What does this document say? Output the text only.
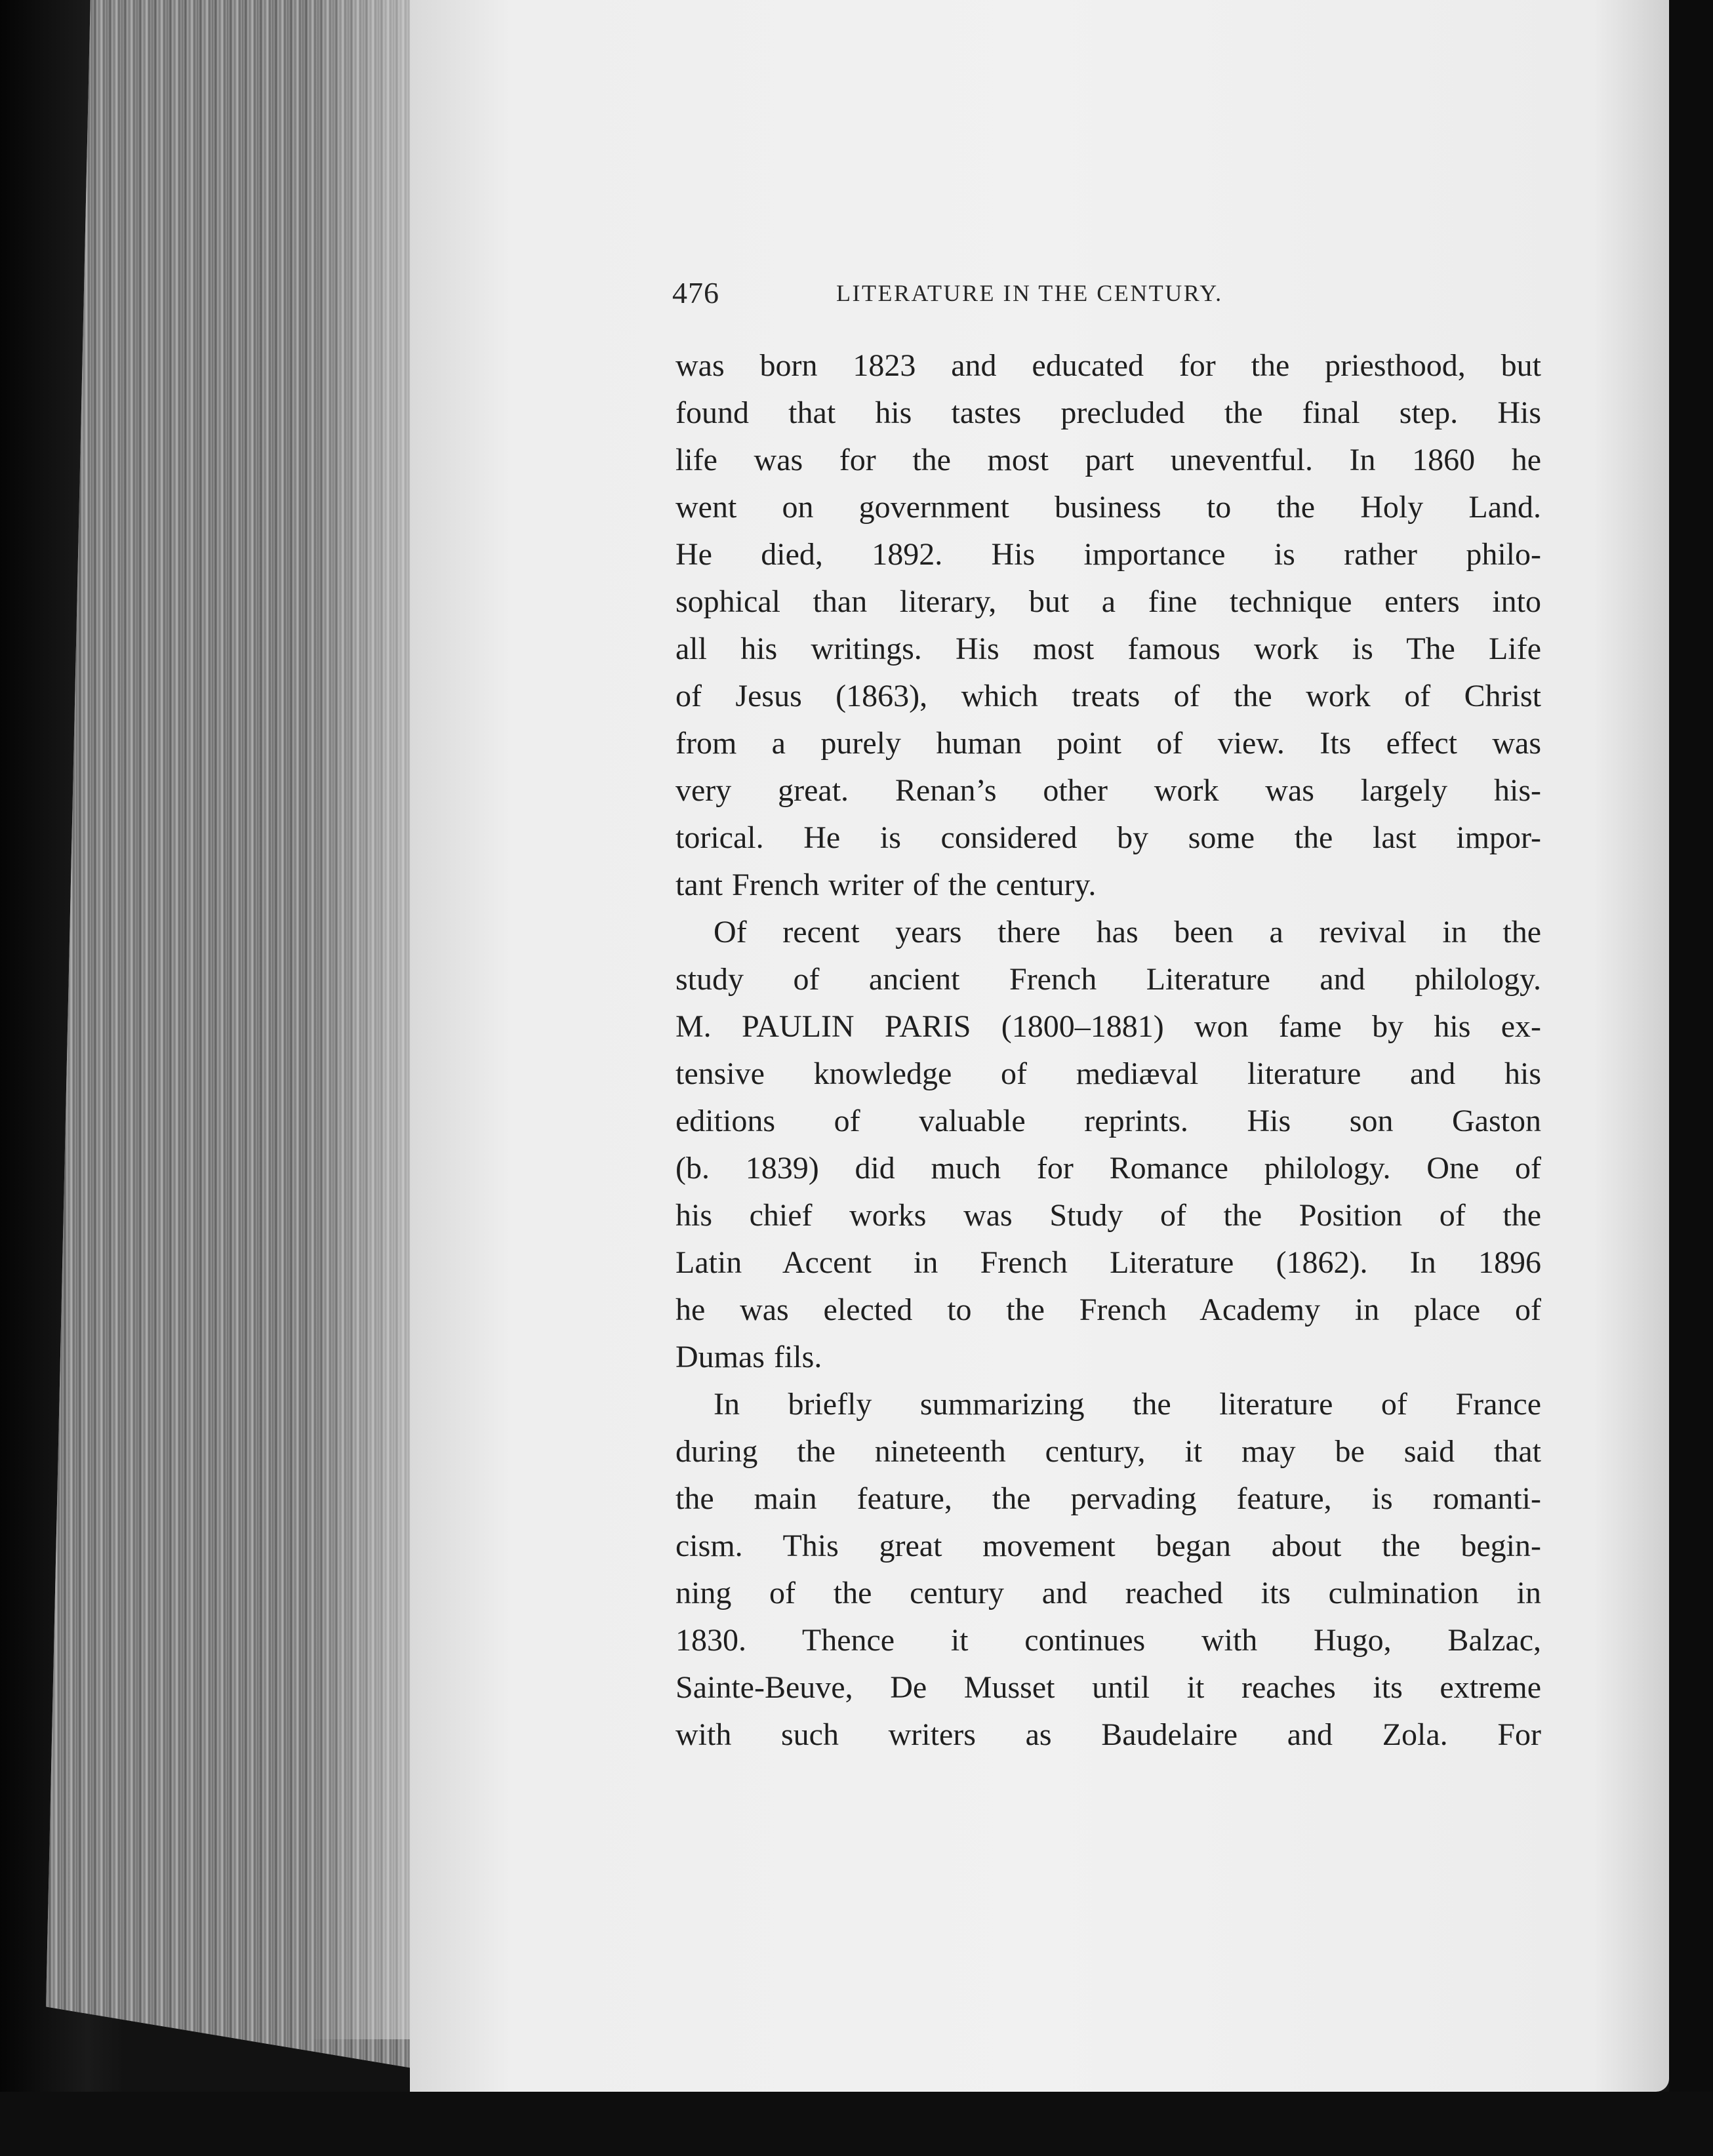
476	LITERATURE IN THE CENTURY.
was born 1823 and educated for the priesthood, but
found that his tastes precluded the final step. His
life was for the most part uneventful. In 1860 he
went on government business to the Holy Land.
He died, 1892. His importance is rather philo-
sophical than literary, but a fine technique enters into
all his writings. His most famous work is The Life
of Jesus (1863), which treats of the work of Christ
from a purely human point of view. Its effect was
very great. Renan’s other work was largely his-
torical. He is considered by some the last impor-
tant French writer of the century.
Of recent years there has been a revival in the
study of ancient French Literature and philology.
M. PAULIN PARIS (1800–1881) won fame by his ex-
tensive knowledge of mediæval literature and his
editions of valuable reprints. His son Gaston
(b. 1839) did much for Romance philology. One of
his chief works was Study of the Position of the
Latin Accent in French Literature (1862). In 1896
he was elected to the French Academy in place of
Dumas fils.
In briefly summarizing the literature of France
during the nineteenth century, it may be said that
the main feature, the pervading feature, is romanti-
cism. This great movement began about the begin-
ning of the century and reached its culmination in
1830. Thence it continues with Hugo, Balzac,
Sainte-Beuve, De Musset until it reaches its extreme
with such writers as Baudelaire and Zola. For
